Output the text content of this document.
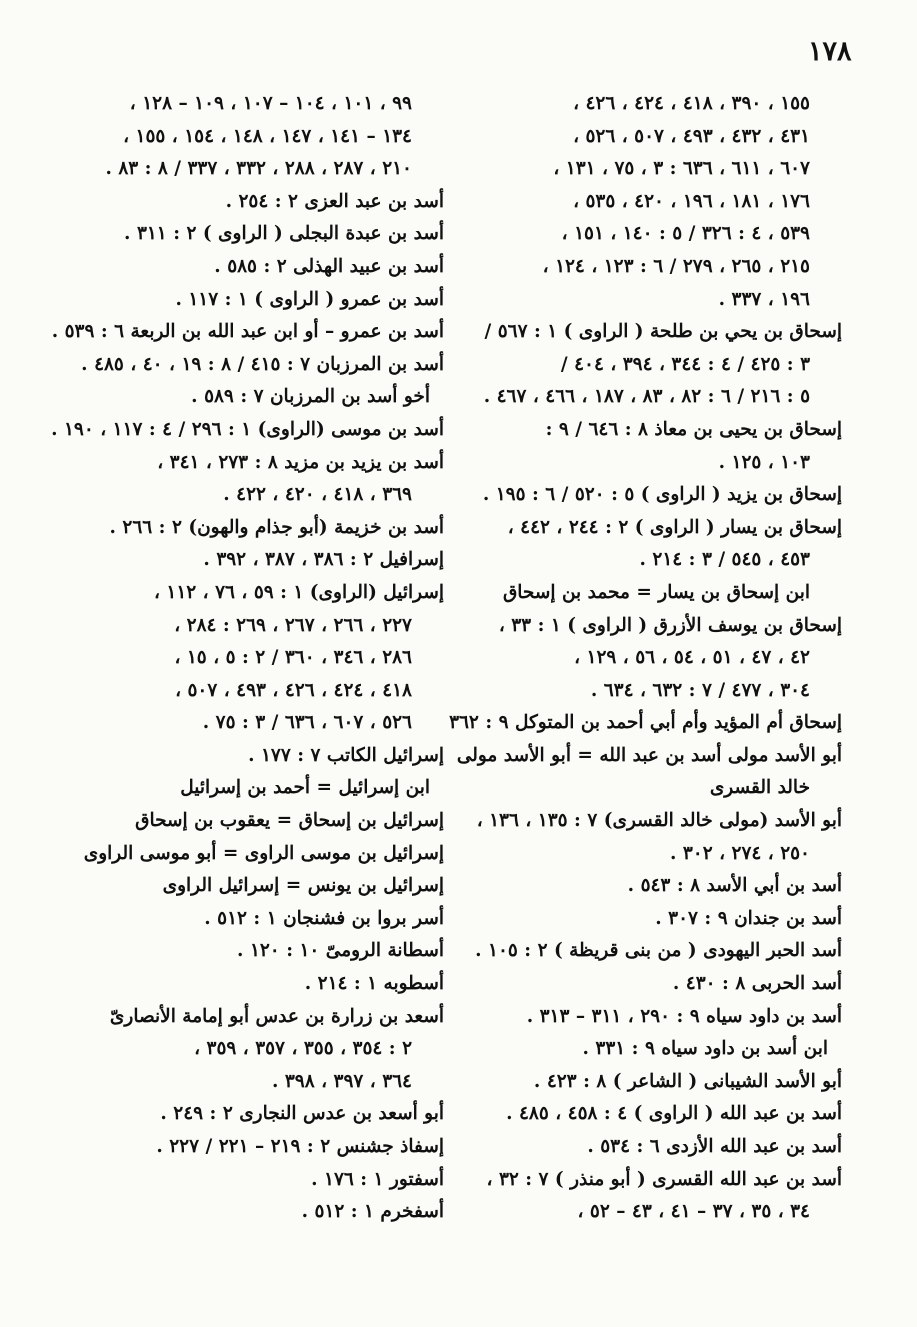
١٧٨
١٥٥ ، ٣٩٠ ، ٤١٨ ، ٤٢٤ ، ٤٢٦ ،
٤٣١ ، ٤٣٢ ، ٤٩٣ ، ٥٠٧ ، ٥٢٦ ،
٦٠٧ ، ٦١١ ، ٦٣٦ : ٣ ، ٧٥ ، ١٣١ ،
١٧٦ ، ١٨١ ، ١٩٦ ، ٤٢٠ ، ٥٣٥ ،
٥٣٩ ، ٤ : ٣٢٦ / ٥ : ١٤٠ ، ١٥١ ،
٢١٥ ، ٢٦٥ ، ٢٧٩ / ٦ : ١٢٣ ، ١٢٤ ،
١٩٦ ، ٣٣٧ .
إسحاق بن يحي بن طلحة ( الراوى ) ١ : ٥٦٧ /
٣ : ٤٢٥ / ٤ : ٣٤٤ ، ٣٩٤ ، ٤٠٤ /
٥ : ٢١٦ / ٦ : ٨٢ ، ٨٣ ، ١٨٧ ، ٤٦٦ ، ٤٦٧ .
إسحاق بن يحيى بن معاذ ٨ : ٦٤٦ / ٩ :
١٠٣ ، ١٢٥ .
إسحاق بن يزيد ( الراوى ) ٥ : ٥٢٠ / ٦ : ١٩٥ .
إسحاق بن يسار ( الراوى ) ٢ : ٢٤٤ ، ٤٤٢ ،
٤٥٣ ، ٥٤٥ / ٣ : ٢١٤ .
ابن إسحاق بن يسار = محمد بن إسحاق
إسحاق بن يوسف الأزرق ( الراوى ) ١ : ٣٣ ،
٤٢ ، ٤٧ ، ٥١ ، ٥٤ ، ٥٦ ، ١٢٩ ،
٣٠٤ ، ٤٧٧ / ٧ : ٦٣٢ ، ٦٣٤ .
إسحاق أم المؤيد وأم أبي أحمد بن المتوكل ٩ : ٣٦٢
أبو الأسد مولى أسد بن عبد الله = أبو الأسد مولى
خالد القسرى
أبو الأسد (مولى خالد القسرى) ٧ : ١٣٥ ، ١٣٦ ،
٢٥٠ ، ٢٧٤ ، ٣٠٢ .
أسد بن أبي الأسد ٨ : ٥٤٣ .
أسد بن جندان ٩ : ٣٠٧ .
أسد الحبر اليهودى ( من بنى قريظة ) ٢ : ١٠٥ .
أسد الحربى ٨ : ٤٣٠ .
أسد بن داود سياه ٩ : ٢٩٠ ، ٣١١ – ٣١٣ .
ابن أسد بن داود سياه ٩ : ٣٣١ .
أبو الأسد الشيبانى ( الشاعر ) ٨ : ٤٢٣ .
أسد بن عبد الله ( الراوى ) ٤ : ٤٥٨ ، ٤٨٥ .
أسد بن عبد الله الأزدى ٦ : ٥٣٤ .
أسد بن عبد الله القسرى ( أبو منذر ) ٧ : ٣٢ ،
٣٤ ، ٣٥ ، ٣٧ – ٤١ ، ٤٣ – ٥٢ ،
٩٩ ، ١٠١ ، ١٠٤ – ١٠٧ ، ١٠٩ – ١٢٨ ،
١٣٤ – ١٤١ ، ١٤٧ ، ١٤٨ ، ١٥٤ ، ١٥٥ ،
٢١٠ ، ٢٨٧ ، ٢٨٨ ، ٣٣٢ ، ٣٣٧ / ٨ : ٨٣ .
أسد بن عبد العزى ٢ : ٢٥٤ .
أسد بن عبدة البجلى ( الراوى ) ٢ : ٣١١ .
أسد بن عبيد الهذلى ٢ : ٥٨٥ .
أسد بن عمرو ( الراوى ) ١ : ١١٧ .
أسد بن عمرو – أو ابن عبد الله بن الربعة ٦ : ٥٣٩ .
أسد بن المرزبان ٧ : ٤١٥ / ٨ : ١٩ ، ٤٠ ، ٤٨٥ .
أخو أسد بن المرزبان ٧ : ٥٨٩ .
أسد بن موسى (الراوى) ١ : ٢٩٦ / ٤ : ١١٧ ، ١٩٠ .
أسد بن يزيد بن مزيد ٨ : ٢٧٣ ، ٣٤١ ،
٣٦٩ ، ٤١٨ ، ٤٢٠ ، ٤٢٢ .
أسد بن خزيمة (أبو جذام والهون) ٢ : ٢٦٦ .
إسرافيل ٢ : ٣٨٦ ، ٣٨٧ ، ٣٩٢ .
إسرائيل (الراوى) ١ : ٥٩ ، ٧٦ ، ١١٢ ،
٢٢٧ ، ٢٦٦ ، ٢٦٧ ، ٢٦٩ : ٢٨٤ ،
٢٨٦ ، ٣٤٦ ، ٣٦٠ / ٢ : ٥ ، ١٥ ،
٤١٨ ، ٤٢٤ ، ٤٢٦ ، ٤٩٣ ، ٥٠٧ ،
٥٢٦ ، ٦٠٧ ، ٦٣٦ / ٣ : ٧٥ .
إسرائيل الكاتب ٧ : ١٧٧ .
ابن إسرائيل = أحمد بن إسرائيل
إسرائيل بن إسحاق = يعقوب بن إسحاق
إسرائيل بن موسى الراوى = أبو موسى الراوى
إسرائيل بن يونس = إسرائيل الراوى
أسر بروا بن فشنجان ١ : ٥١٢ .
أسطانة الرومىّ ١٠ : ١٢٠ .
أسطوبه ١ : ٢١٤ .
أسعد بن زرارة بن عدس أبو إمامة الأنصارىّ
٢ : ٣٥٤ ، ٣٥٥ ، ٣٥٧ ، ٣٥٩ ،
٣٦٤ ، ٣٩٧ ، ٣٩٨ .
أبو أسعد بن عدس النجارى ٢ : ٢٤٩ .
إسفاذ جشنس ٢ : ٢١٩ – ٢٢١ / ٢٢٧ .
أسفتور ١ : ١٧٦ .
أسفخرم ١ : ٥١٢ .
